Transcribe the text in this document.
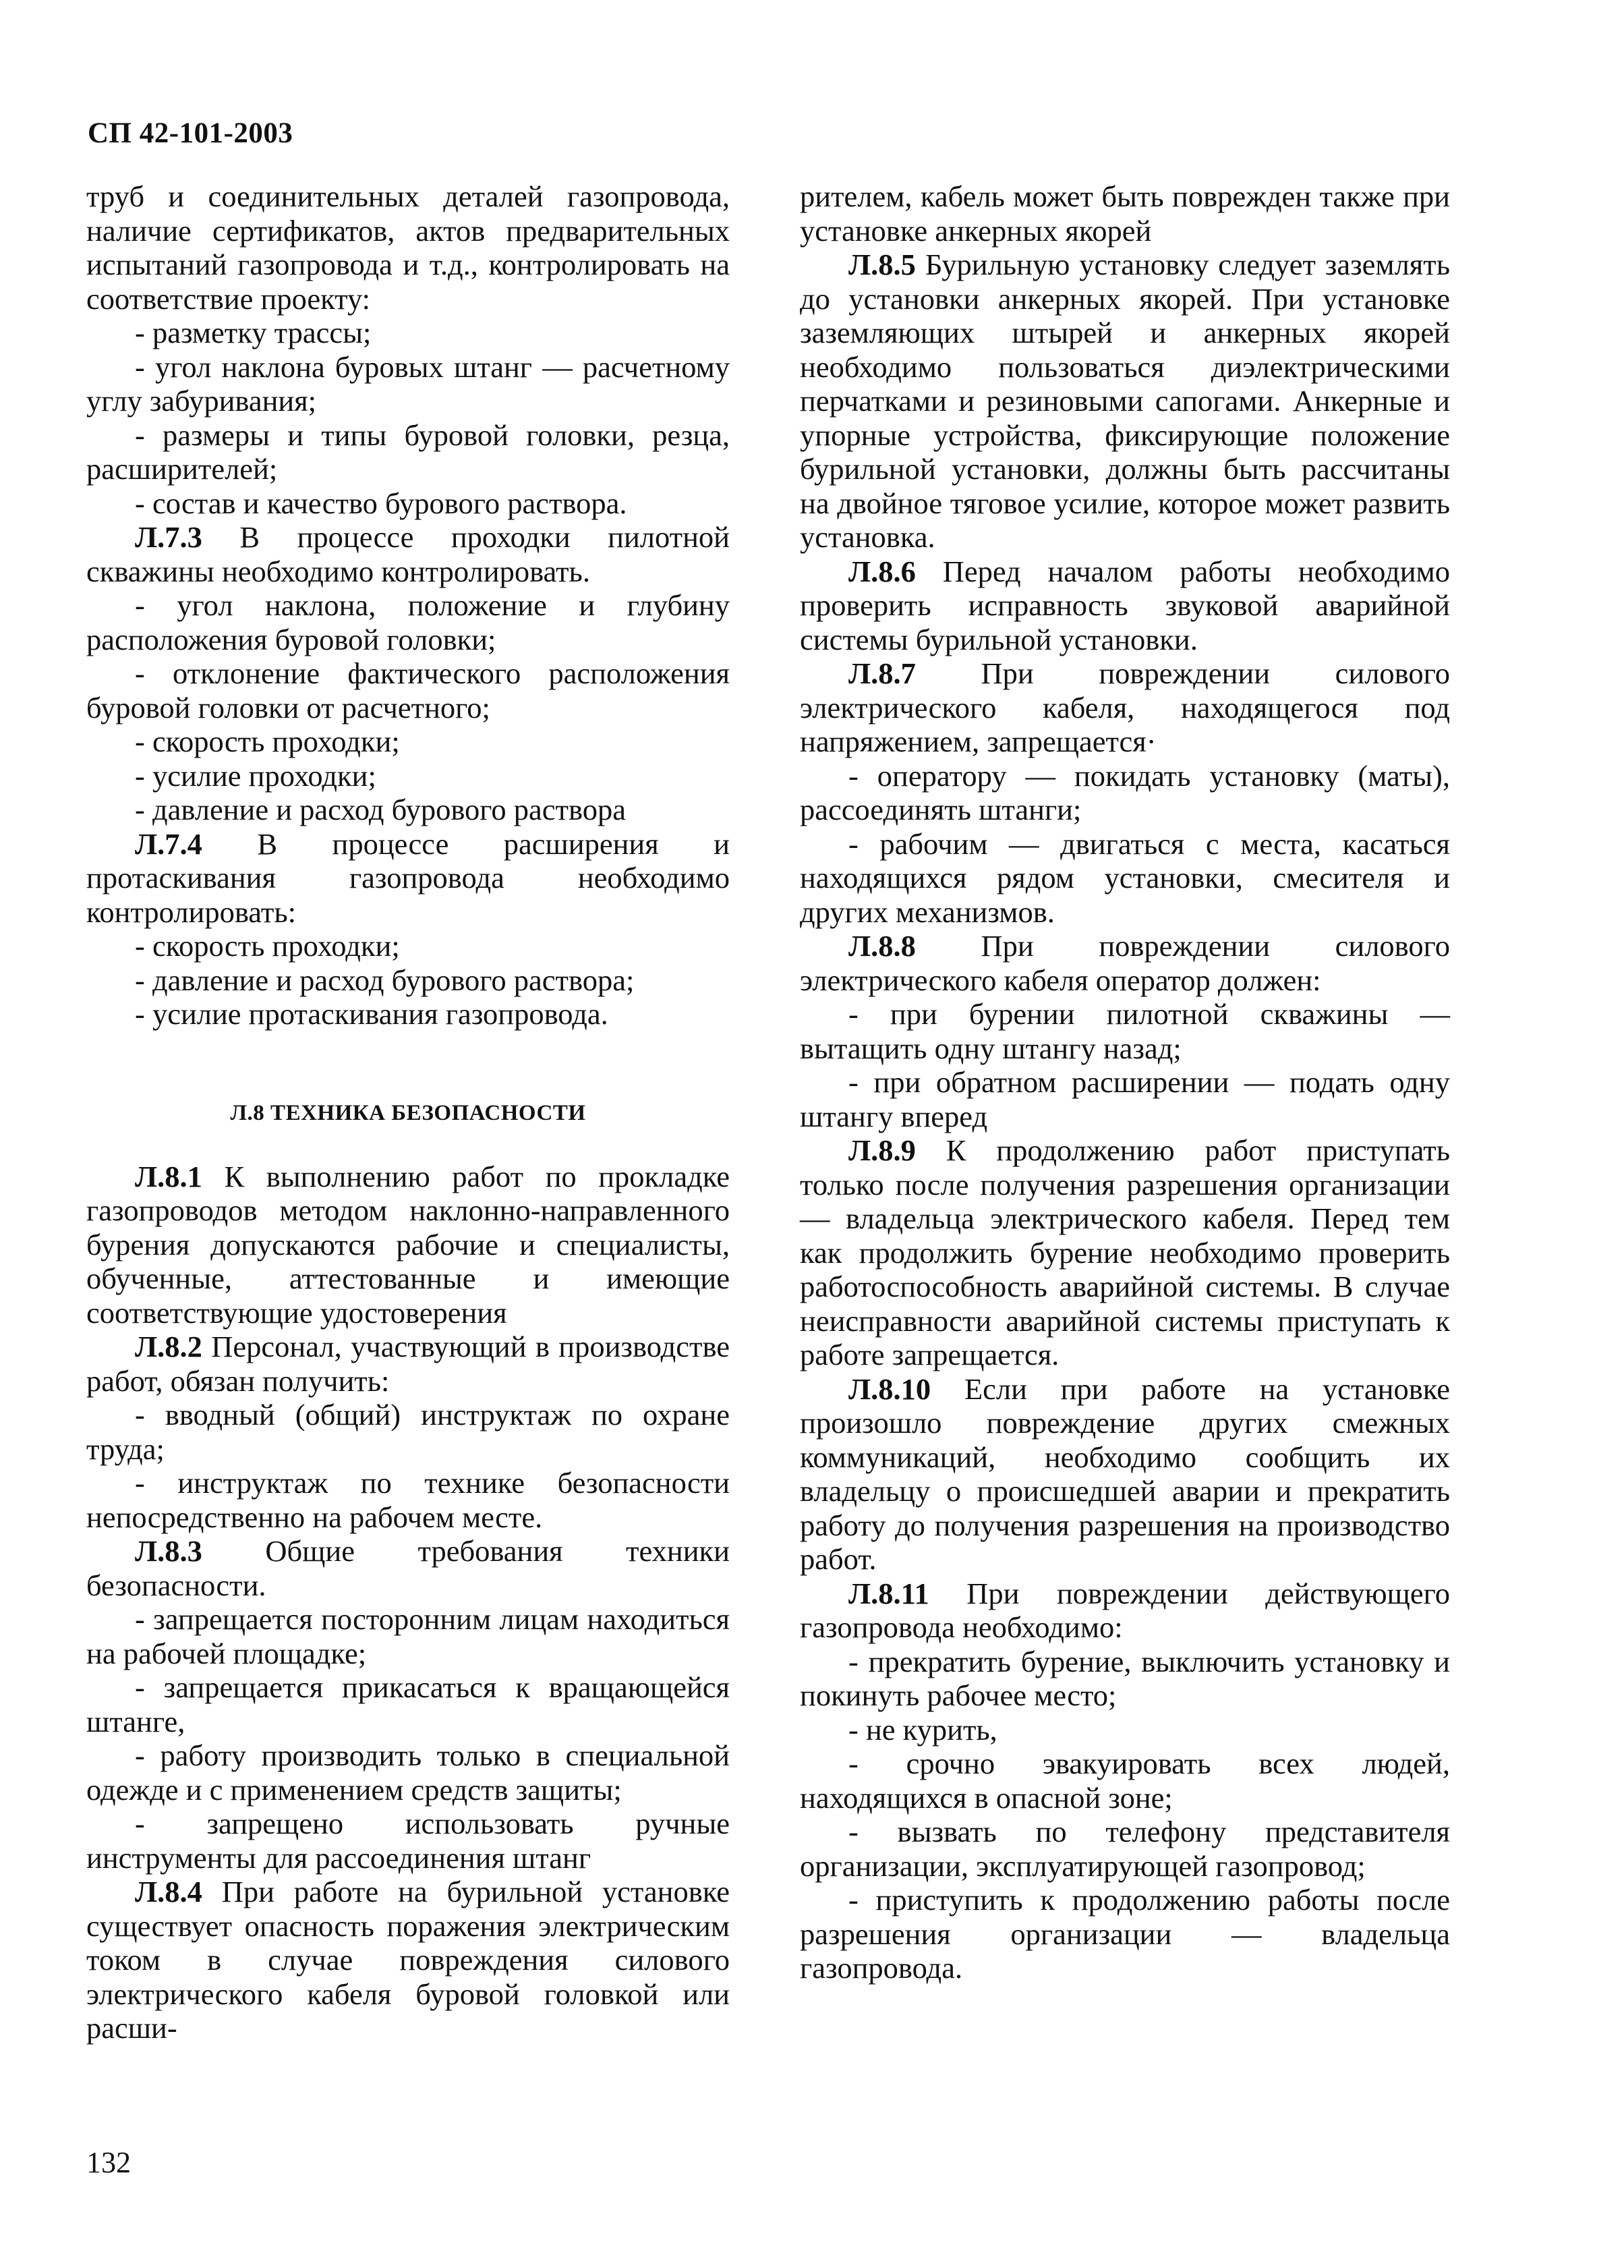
СП 42-101-2003

труб и соединительных деталей газопровода, наличие сертификатов, актов предварительных испытаний газопровода и т.д., контролировать на соответствие проекту:

- разметку трассы;

- угол наклона буровых штанг — расчетному углу забуривания;

- размеры и типы буровой головки, резца, расширителей;

- состав и качество бурового раствора.

Л.7.3 В процессе проходки пилотной скважины необходимо контролировать.

- угол наклона, положение и глубину расположения буровой головки;

- отклонение фактического расположения буровой головки от расчетного;

- скорость проходки;

- усилие проходки;

- давление и расход бурового раствора

Л.7.4 В процессе расширения и протаскивания газопровода необходимо контролировать:

- скорость проходки;

- давление и расход бурового раствора;

- усилие протаскивания газопровода.

Л.8 ТЕХНИКА БЕЗОПАСНОСТИ

Л.8.1 К выполнению работ по прокладке газопроводов методом наклонно-направленного бурения допускаются рабочие и специалисты, обученные, аттестованные и имеющие соответствующие удостоверения

Л.8.2 Персонал, участвующий в производстве работ, обязан получить:

- вводный (общий) инструктаж по охране труда;

- инструктаж по технике безопасности непосредственно на рабочем месте.

Л.8.3 Общие требования техники безопасности.

- запрещается посторонним лицам находиться на рабочей площадке;

- запрещается прикасаться к вращающейся штанге,

- работу производить только в специальной одежде и с применением средств защиты;

- запрещено использовать ручные инструменты для рассоединения штанг

Л.8.4 При работе на бурильной установке существует опасность поражения электрическим током в случае повреждения силового электрического кабеля буровой головкой или расши-

рителем, кабель может быть поврежден также при установке анкерных якорей

Л.8.5 Бурильную установку следует заземлять до установки анкерных якорей. При установке заземляющих штырей и анкерных якорей необходимо пользоваться диэлектрическими перчатками и резиновыми сапогами. Анкерные и упорные устройства, фиксирующие положение бурильной установки, должны быть рассчитаны на двойное тяговое усилие, которое может развить установка.

Л.8.6 Перед началом работы необходимо проверить исправность звуковой аварийной системы бурильной установки.

Л.8.7 При повреждении силового электрического кабеля, находящегося под напряжением, запрещается·

- оператору — покидать установку (маты), рассоединять штанги;

- рабочим — двигаться с места, касаться находящихся рядом установки, смесителя и других механизмов.

Л.8.8 При повреждении силового электрического кабеля оператор должен:

- при бурении пилотной скважины — вытащить одну штангу назад;

- при обратном расширении — подать одну штангу вперед

Л.8.9 К продолжению работ приступать только после получения разрешения организации — владельца электрического кабеля. Перед тем как продолжить бурение необходимо проверить работоспособность аварийной системы. В случае неисправности аварийной системы приступать к работе запрещается.

Л.8.10 Если при работе на установке произошло повреждение других смежных коммуникаций, необходимо сообщить их владельцу о происшедшей аварии и прекратить работу до получения разрешения на производство работ.

Л.8.11 При повреждении действующего газопровода необходимо:

- прекратить бурение, выключить установку и покинуть рабочее место;

- не курить,

- срочно эвакуировать всех людей, находящихся в опасной зоне;

- вызвать по телефону представителя организации, эксплуатирующей газопровод;

- приступить к продолжению работы после разрешения организации — владельца газопровода.

132
